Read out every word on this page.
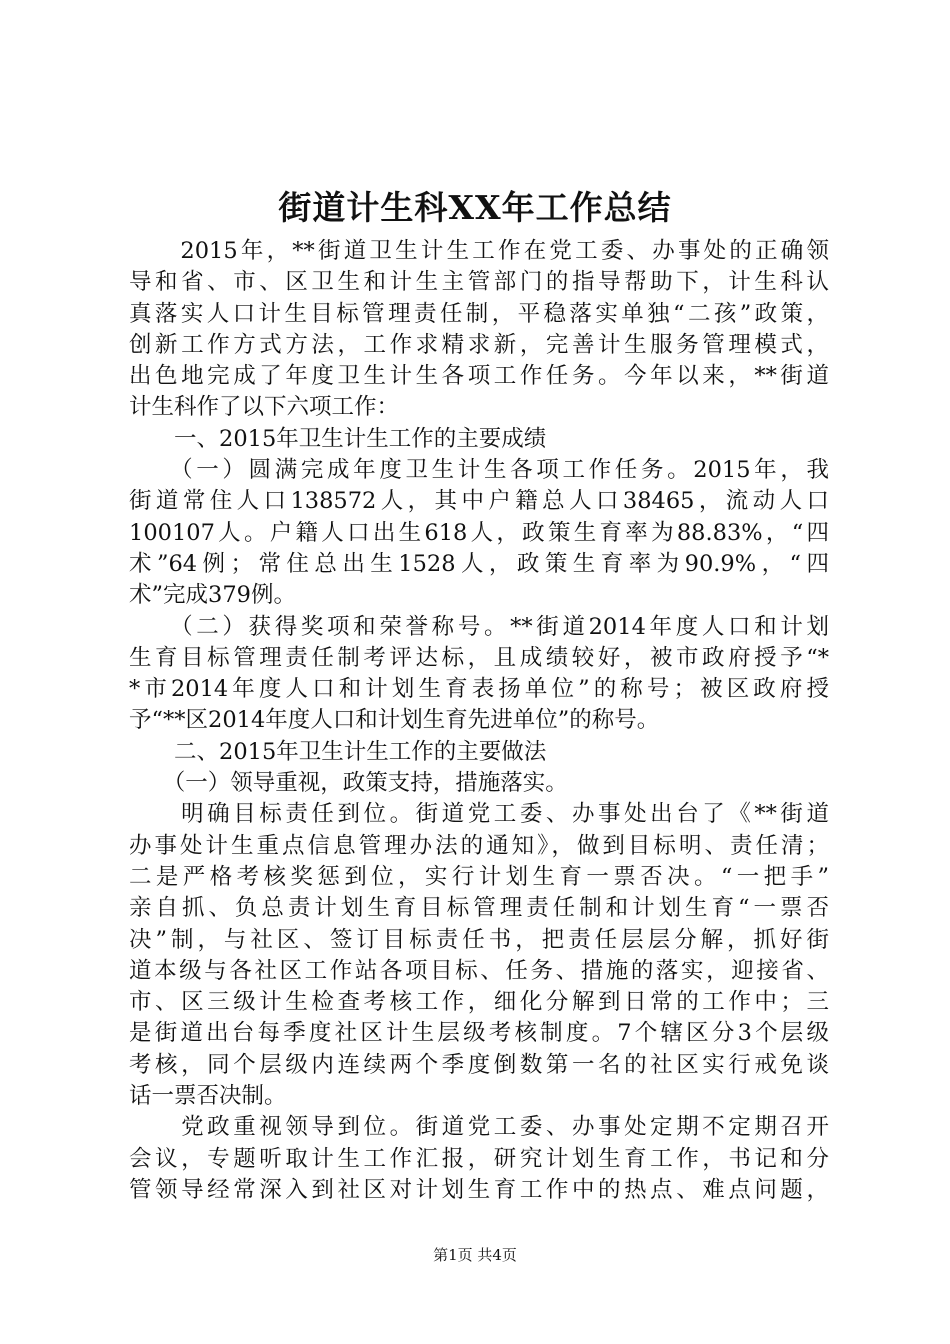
街道计生科XX年工作总结
　　2015年，**街道卫生计生工作在党工委、办事处的正确领
导和省、市、区卫生和计生主管部门的指导帮助下，计生科认
真落实人口计生目标管理责任制，平稳落实单独“二孩”政策，
创新工作方式方法，工作求精求新，完善计生服务管理模式，
出色地完成了年度卫生计生各项工作任务。今年以来，**街道
计生科作了以下六项工作：
　　一、2015年卫生计生工作的主要成绩
　　（一）圆满完成年度卫生计生各项工作任务。2015年，我
街道常住人口138572人，其中户籍总人口38465，流动人口
100107人。户籍人口出生618人，政策生育率为88.83%，“四
术”64例；常住总出生1528人，政策生育率为90.9%，“四
术”完成379例。
　　（二）获得奖项和荣誉称号。**街道2014年度人口和计划
生育目标管理责任制考评达标，且成绩较好，被市政府授予“*
*市2014年度人口和计划生育表扬单位”的称号；被区政府授
予“**区2014年度人口和计划生育先进单位”的称号。
　　二、2015年卫生计生工作的主要做法
　　（一）领导重视，政策支持，措施落实。
　　明确目标责任到位。街道党工委、办事处出台了《**街道
办事处计生重点信息管理办法的通知》，做到目标明、责任清；
二是严格考核奖惩到位，实行计划生育一票否决。“一把手”
亲自抓、负总责计划生育目标管理责任制和计划生育“一票否
决”制，与社区、签订目标责任书，把责任层层分解，抓好街
道本级与各社区工作站各项目标、任务、措施的落实，迎接省、
市、区三级计生检查考核工作，细化分解到日常的工作中；三
是街道出台每季度社区计生层级考核制度。7个辖区分3个层级
考核，同个层级内连续两个季度倒数第一名的社区实行戒免谈
话一票否决制。
　　党政重视领导到位。街道党工委、办事处定期不定期召开
会议，专题听取计生工作汇报，研究计划生育工作，书记和分
管领导经常深入到社区对计划生育工作中的热点、难点问题，
第1页 共4页
